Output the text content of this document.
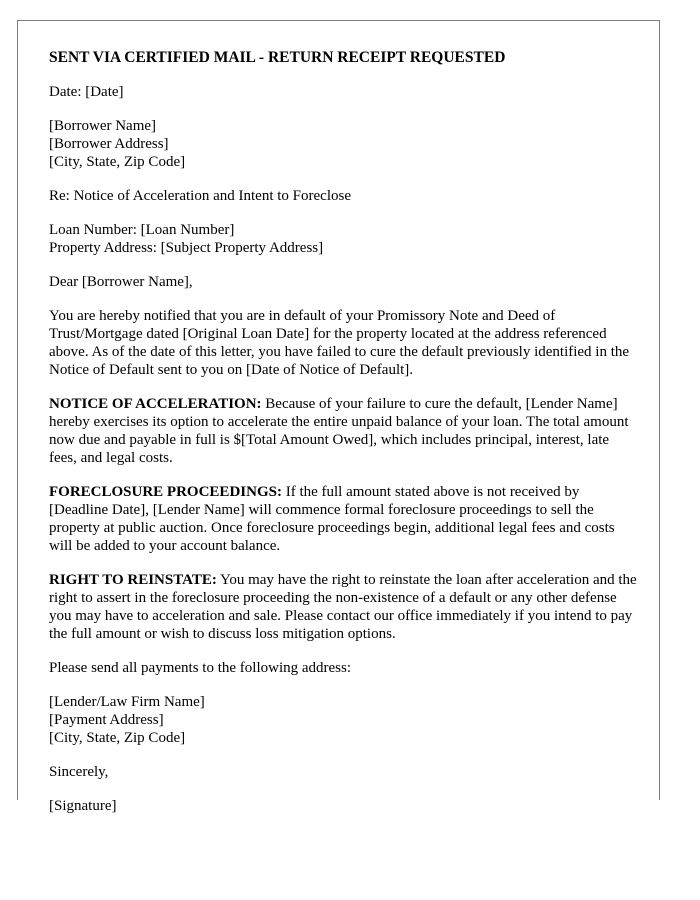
SENT VIA CERTIFIED MAIL - RETURN RECEIPT REQUESTED

Date: [Date]

[Borrower Name]
[Borrower Address]
[City, State, Zip Code]

Re: Notice of Acceleration and Intent to Foreclose

Loan Number: [Loan Number]
Property Address: [Subject Property Address]

Dear [Borrower Name],

You are hereby notified that you are in default of your Promissory Note and Deed of Trust/Mortgage dated [Original Loan Date] for the property located at the address referenced above. As of the date of this letter, you have failed to cure the default previously identified in the Notice of Default sent to you on [Date of Notice of Default].

NOTICE OF ACCELERATION: Because of your failure to cure the default, [Lender Name] hereby exercises its option to accelerate the entire unpaid balance of your loan. The total amount now due and payable in full is $[Total Amount Owed], which includes principal, interest, late fees, and legal costs.

FORECLOSURE PROCEEDINGS: If the full amount stated above is not received by [Deadline Date], [Lender Name] will commence formal foreclosure proceedings to sell the property at public auction. Once foreclosure proceedings begin, additional legal fees and costs will be added to your account balance.

RIGHT TO REINSTATE: You may have the right to reinstate the loan after acceleration and the right to assert in the foreclosure proceeding the non-existence of a default or any other defense you may have to acceleration and sale. Please contact our office immediately if you intend to pay the full amount or wish to discuss loss mitigation options.

Please send all payments to the following address:

[Lender/Law Firm Name]
[Payment Address]
[City, State, Zip Code]

Sincerely,

[Signature]
